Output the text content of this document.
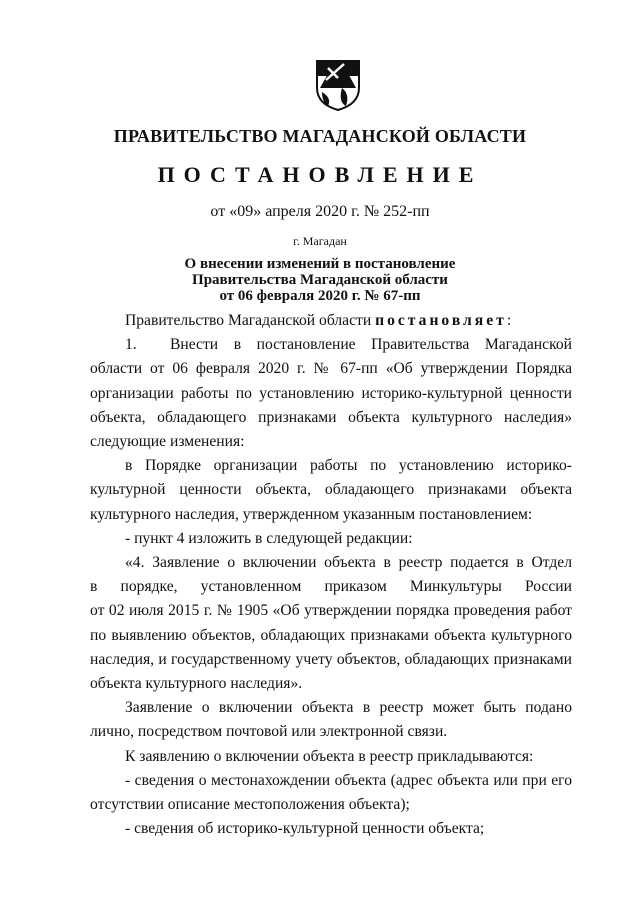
ПРАВИТЕЛЬСТВО МАГАДАНСКОЙ ОБЛАСТИ
ПОСТАНОВЛЕНИЕ
от «09» апреля 2020 г. № 252-пп
г. Магадан
О внесении изменений в постановление
Правительства Магаданской области
от 06 февраля 2020 г. № 67-пп

Правительство Магаданской области постановляет:

1. Внести в постановление Правительства Магаданской области от 06 февраля 2020 г. № 67-пп «Об утверждении Порядка организации работы по установлению историко-культурной ценности объекта, обладающего признаками объекта культурного наследия» следующие изменения:

в Порядке организации работы по установлению историко-культурной ценности объекта, обладающего признаками объекта культурного наследия, утвержденном указанным постановлением:

- пункт 4 изложить в следующей редакции:

«4. Заявление о включении объекта в реестр подается в Отдел

в порядке, установленном приказом Минкультуры России

от 02 июля 2015 г. № 1905 «Об утверждении порядка проведения работ по выявлению объектов, обладающих признаками объекта культурного наследия, и государственному учету объектов, обладающих признаками объекта культурного наследия».

Заявление о включении объекта в реестр может быть подано лично, посредством почтовой или электронной связи.

К заявлению о включении объекта в реестр прикладываются:

- сведения о местонахождении объекта (адрес объекта или при его отсутствии описание местоположения объекта);

- сведения об историко-культурной ценности объекта;
